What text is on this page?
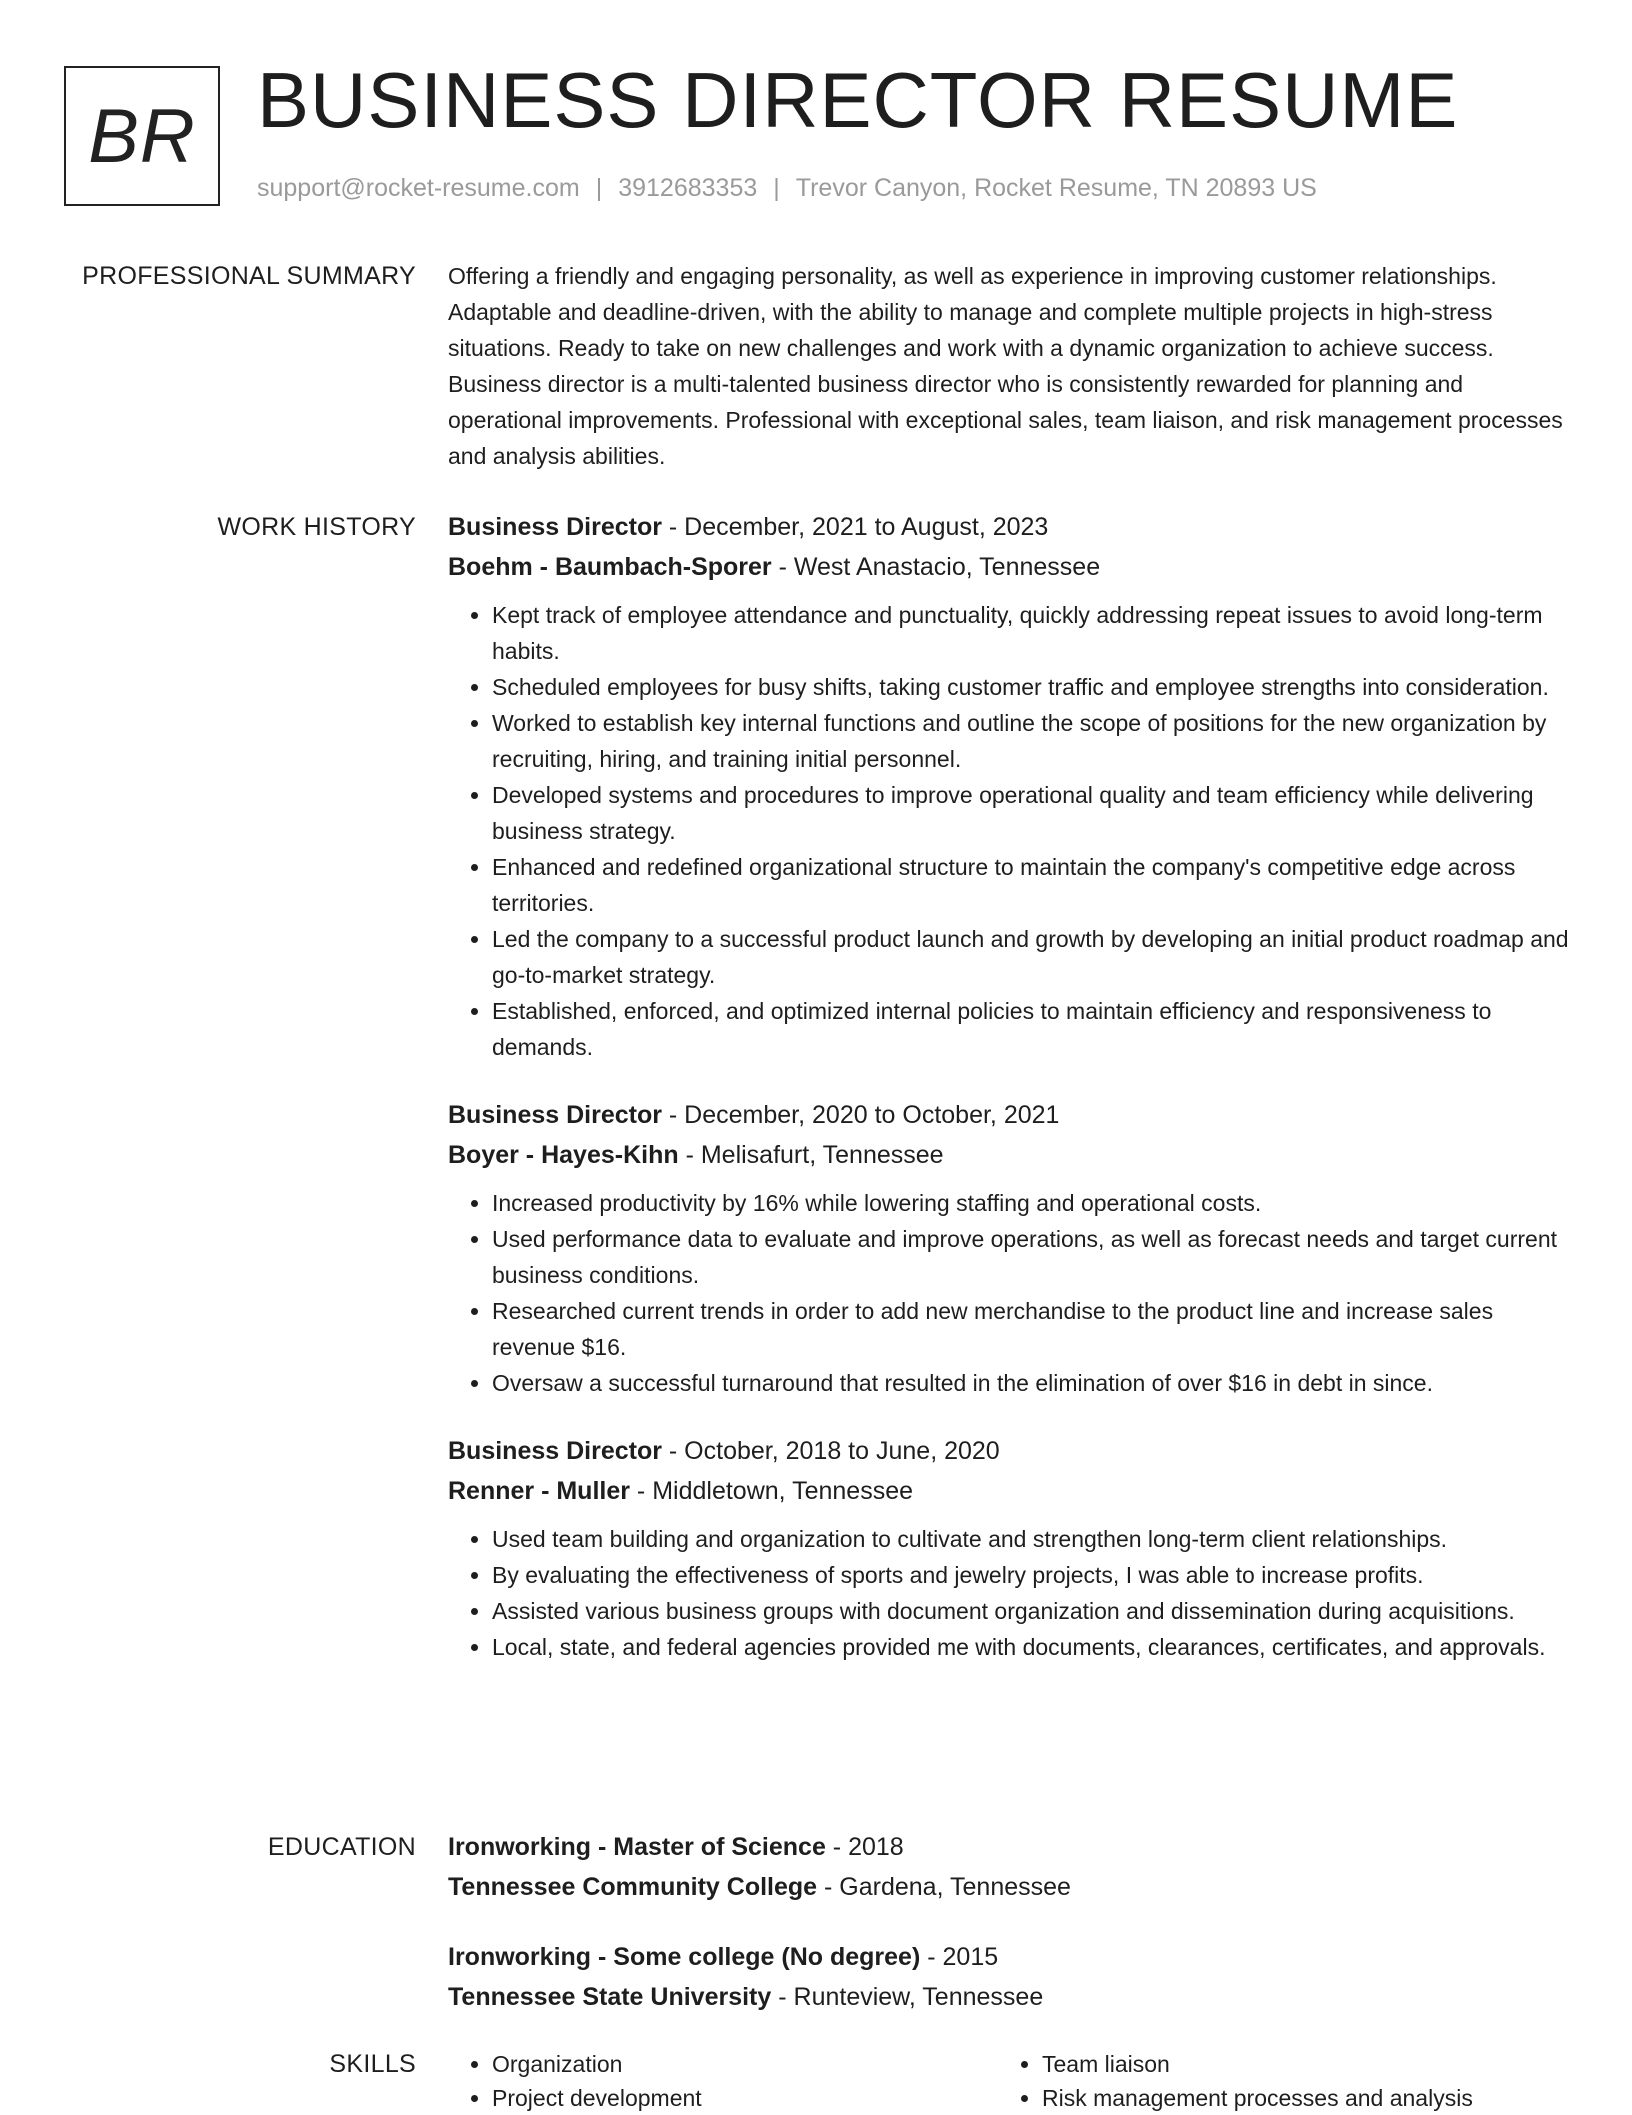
BR BUSINESS DIRECTOR RESUME
support@rocket-resume.com | 3912683353 | Trevor Canyon, Rocket Resume, TN 20893 US
PROFESSIONAL SUMMARY Offering a friendly and engaging personality, as well as experience in improving customer relationships. Adaptable and deadline-driven, with the ability to manage and complete multiple projects in high-stress situations. Ready to take on new challenges and work with a dynamic organization to achieve success. Business director is a multi-talented business director who is consistently rewarded for planning and operational improvements. Professional with exceptional sales, team liaison, and risk management processes and analysis abilities.

WORK HISTORY Business Director - December, 2021 to August, 2023
Boehm - Baumbach-Sporer - West Anastacio, Tennessee
• Kept track of employee attendance and punctuality, quickly addressing repeat issues to avoid long-term habits.
• Scheduled employees for busy shifts, taking customer traffic and employee strengths into consideration.
• Worked to establish key internal functions and outline the scope of positions for the new organization by recruiting, hiring, and training initial personnel.
• Developed systems and procedures to improve operational quality and team efficiency while delivering business strategy.
• Enhanced and redefined organizational structure to maintain the company's competitive edge across territories.
• Led the company to a successful product launch and growth by developing an initial product roadmap and go-to-market strategy.
• Established, enforced, and optimized internal policies to maintain efficiency and responsiveness to demands.
Business Director - December, 2020 to October, 2021
Boyer - Hayes-Kihn - Melisafurt, Tennessee
• Increased productivity by 16% while lowering staffing and operational costs.
• Used performance data to evaluate and improve operations, as well as forecast needs and target current business conditions.
• Researched current trends in order to add new merchandise to the product line and increase sales revenue $16.
• Oversaw a successful turnaround that resulted in the elimination of over $16 in debt in since.
Business Director - October, 2018 to June, 2020
Renner - Muller - Middletown, Tennessee
• Used team building and organization to cultivate and strengthen long-term client relationships.
• By evaluating the effectiveness of sports and jewelry projects, I was able to increase profits.
• Assisted various business groups with document organization and dissemination during acquisitions.
• Local, state, and federal agencies provided me with documents, clearances, certificates, and approvals.
EDUCATION Ironworking - Master of Science - 2018
Tennessee Community College - Gardena, Tennessee
Ironworking - Some college (No degree) - 2015
Tennessee State University - Runteview, Tennessee
SKILLS
•	Organization
• Project development
• Team liaison
• Risk management processes and analysis
